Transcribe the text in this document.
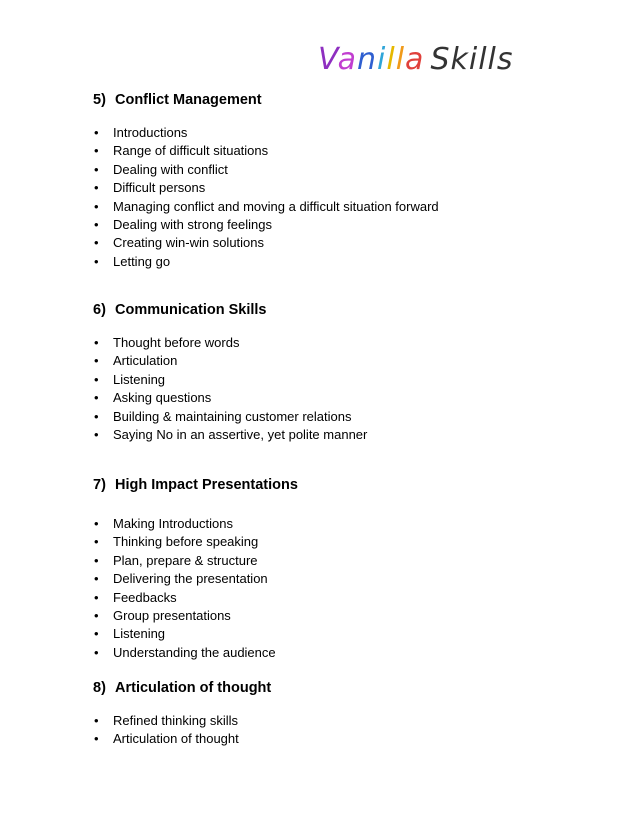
Vanilla Skills
5) Conflict Management
• Introductions
• Range of difficult situations
• Dealing with conflict
• Difficult persons
• Managing conflict and moving a difficult situation forward
• Dealing with strong feelings
• Creating win-win solutions
• Letting go
6) Communication Skills
• Thought before words
• Articulation
• Listening
• Asking questions
• Building & maintaining customer relations
• Saying No in an assertive, yet polite manner
7) High Impact Presentations
• Making Introductions
• Thinking before speaking
• Plan, prepare & structure
• Delivering the presentation
• Feedbacks
• Group presentations
• Listening
• Understanding the audience
8) Articulation of thought
• Refined thinking skills
• Articulation of thought
